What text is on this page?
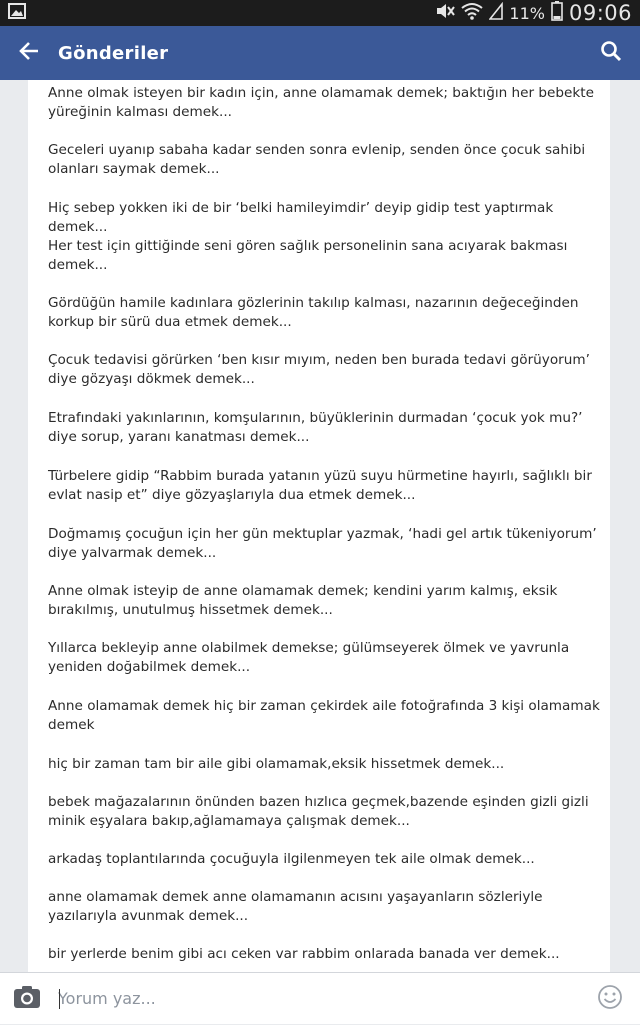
11% 09:06
Gönderiler

Anne olmak isteyen bir kadın için, anne olamamak demek; baktığın her bebekte yüreğinin kalması demek...

Geceleri uyanıp sabaha kadar senden sonra evlenip, senden önce çocuk sahibi olanları saymak demek...

Hiç sebep yokken iki de bir ‘belki hamileyimdir’ deyip gidip test yaptırmak demek...

Her test için gittiğinde seni gören sağlık personelinin sana acıyarak bakması demek...

Gördüğün hamile kadınlara gözlerinin takılıp kalması, nazarının değeceğinden korkup bir sürü dua etmek demek...

Çocuk tedavisi görürken ‘ben kısır mıyım, neden ben burada tedavi görüyorum’ diye gözyaşı dökmek demek...

Etrafındaki yakınlarının, komşularının, büyüklerinin durmadan ‘çocuk yok mu?’ diye sorup, yaranı kanatması demek...

Türbelere gidip “Rabbim burada yatanın yüzü suyu hürmetine hayırlı, sağlıklı bir evlat nasip et” diye gözyaşlarıyla dua etmek demek...

Doğmamış çocuğun için her gün mektuplar yazmak, ‘hadi gel artık tükeniyorum’ diye yalvarmak demek...

Anne olmak isteyip de anne olamamak demek; kendini yarım kalmış, eksik bırakılmış, unutulmuş hissetmek demek...

Yıllarca bekleyip anne olabilmek demekse; gülümseyerek ölmek ve yavrunla yeniden doğabilmek demek...

Anne olamamak demek hiç bir zaman çekirdek aile fotoğrafında 3 kişi olamamak demek

hiç bir zaman tam bir aile gibi olamamak,eksik hissetmek demek...

bebek mağazalarının önünden bazen hızlıca geçmek,bazende eşinden gizli gizli minik eşyalara bakıp,ağlamamaya çalışmak demek...

arkadaş toplantılarında çocuğuyla ilgilenmeyen tek aile olmak demek...

anne olamamak demek anne olamamanın acısını yaşayanların sözleriyle yazılarıyla avunmak demek...

bir yerlerde benim gibi acı ceken var rabbim onlarada banada ver demek...

Yorum yaz...
